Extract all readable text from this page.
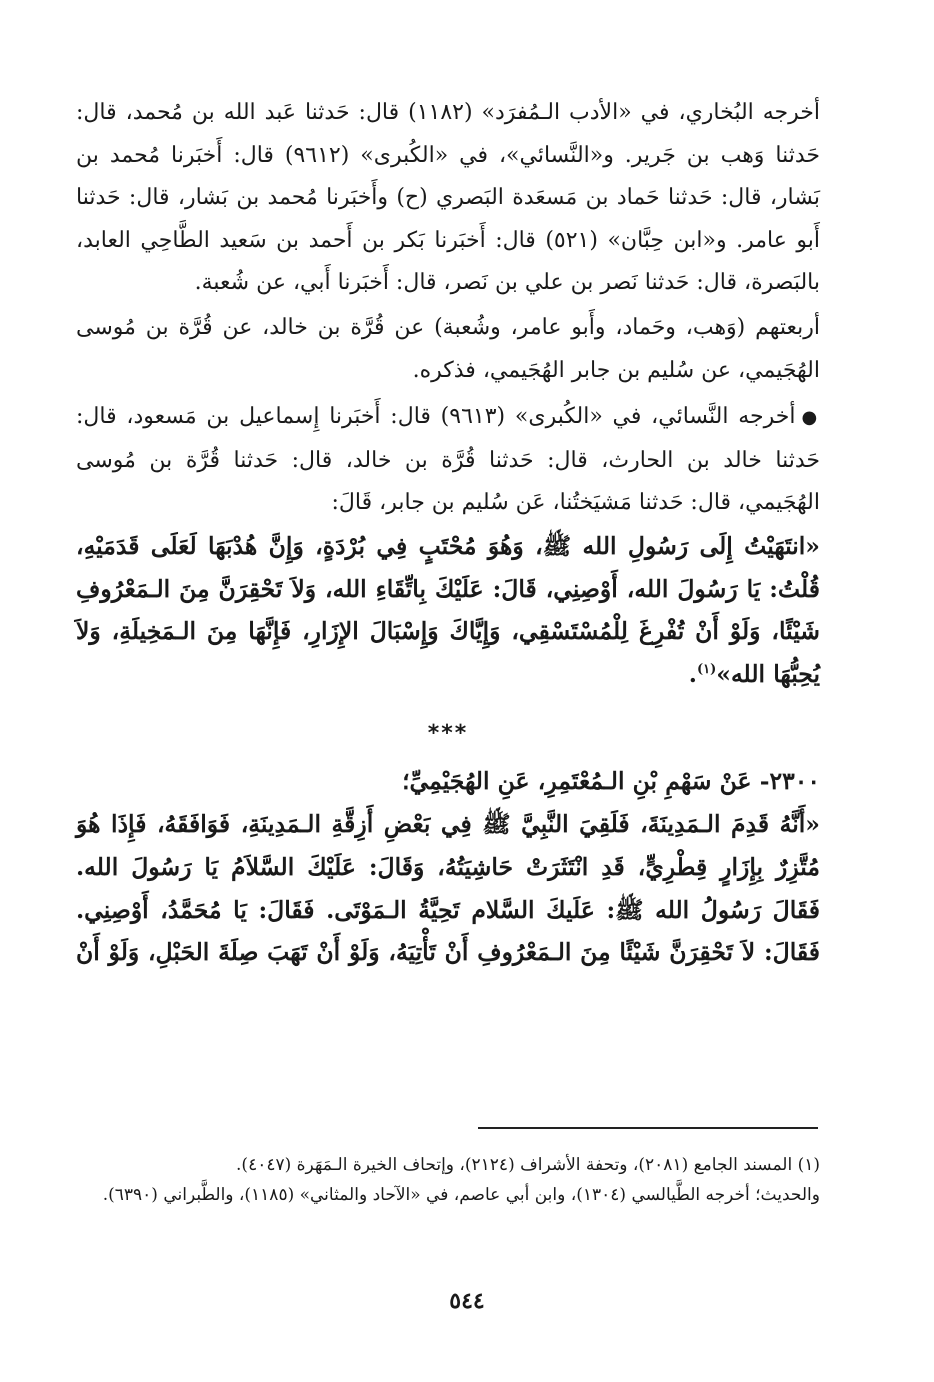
أخرجه البُخاري، في «الأدب الـمُفرَد» (١١٨٢) قال: حَدثنا عَبد الله بن مُحمد، قال: حَدثنا وَهب بن جَرير. و«النَّسائي»، في «الكُبرى» (٩٦١٢) قال: أَخبَرنا مُحمد بن بَشار، قال: حَدثنا حَماد بن مَسعَدة البَصري (ح) وأَخبَرنا مُحمد بن بَشار، قال: حَدثنا أَبو عامر. و«ابن حِبَّان» (٥٢١) قال: أَخبَرنا بَكر بن أَحمد بن سَعيد الطَّاحِي العابد، بالبَصرة، قال: حَدثنا نَصر بن علي بن نَصر، قال: أَخبَرنا أَبي، عن شُعبة.

أربعتهم (وَهب، وحَماد، وأَبو عامر، وشُعبة) عن قُرَّة بن خالد، عن قُرَّة بن مُوسى الهُجَيمي، عن سُليم بن جابر الهُجَيمي، فذكره.

●أخرجه النَّسائي، في «الكُبرى» (٩٦١٣) قال: أَخبَرنا إِسماعيل بن مَسعود، قال: حَدثنا خالد بن الحارث، قال: حَدثنا قُرَّة بن خالد، قال: حَدثنا قُرَّة بن مُوسى الهُجَيمي، قال: حَدثنا مَشيَختُنا، عَن سُليم بن جابر، قَالَ:

«انتَهَيْتُ إِلَى رَسُولِ الله ﷺ، وَهُوَ مُحْتَبٍ فِي بُرْدَةٍ، وَإِنَّ هُدْبَهَا لَعَلَى قَدَمَيْهِ، قُلْتُ: يَا رَسُولَ الله، أَوْصِنِي، قَالَ: عَلَيْكَ بِاتِّقَاءِ الله، وَلاَ تَحْقِرَنَّ مِنَ الـمَعْرُوفِ شَيْئًا، وَلَوْ أَنْ تُفْرِغَ لِلْمُسْتَسْقِي، وَإِيَّاكَ وَإِسْبَالَ الإِزَارِ، فَإِنَّهَا مِنَ الـمَخِيلَةِ، وَلاَ يُحِبُّهَا الله»$^{(١)}$.

***

٢٣٠٠- عَنْ سَهْمِ بْنِ الـمُعْتَمِرِ، عَنِ الهُجَيْمِيِّ؛

«أَنَّهُ قَدِمَ الـمَدِينَةَ، فَلَقِيَ النَّبِيَّ ﷺ فِي بَعْضِ أَزِقَّةِ الـمَدِينَةِ، فَوَافَقَهُ، فَإِذَا هُوَ مُتَّزِرٌ بِإِزَارٍ قِطْرِيٍّ، قَدِ انْتَثَرَتْ حَاشِيَتُهُ، وَقَالَ: عَلَيْكَ السَّلاَمُ يَا رَسُولَ الله. فَقَالَ رَسُولُ الله ﷺ: عَلَيكَ السَّلام تَحِيَّةُ الـمَوْتَى. فَقَالَ: يَا مُحَمَّدُ، أَوْصِنِي. فَقَالَ: لاَ تَحْقِرَنَّ شَيْئًا مِنَ الـمَعْرُوفِ أَنْ تَأْتِيَهُ، وَلَوْ أَنْ تَهَبَ صِلَةَ الحَبْلِ، وَلَوْ أَنْ

(١) المسند الجامع (٢٠٨١)، وتحفة الأشراف (٢١٢٤)، وإتحاف الخيرة الـمَهَرة (٤٠٤٧).

والحديث؛ أخرجه الطَّيالسي (١٣٠٤)، وابن أبي عاصم، في «الآحاد والمثاني» (١١٨٥)، والطَّبراني (٦٣٩٠).

٥٤٤
